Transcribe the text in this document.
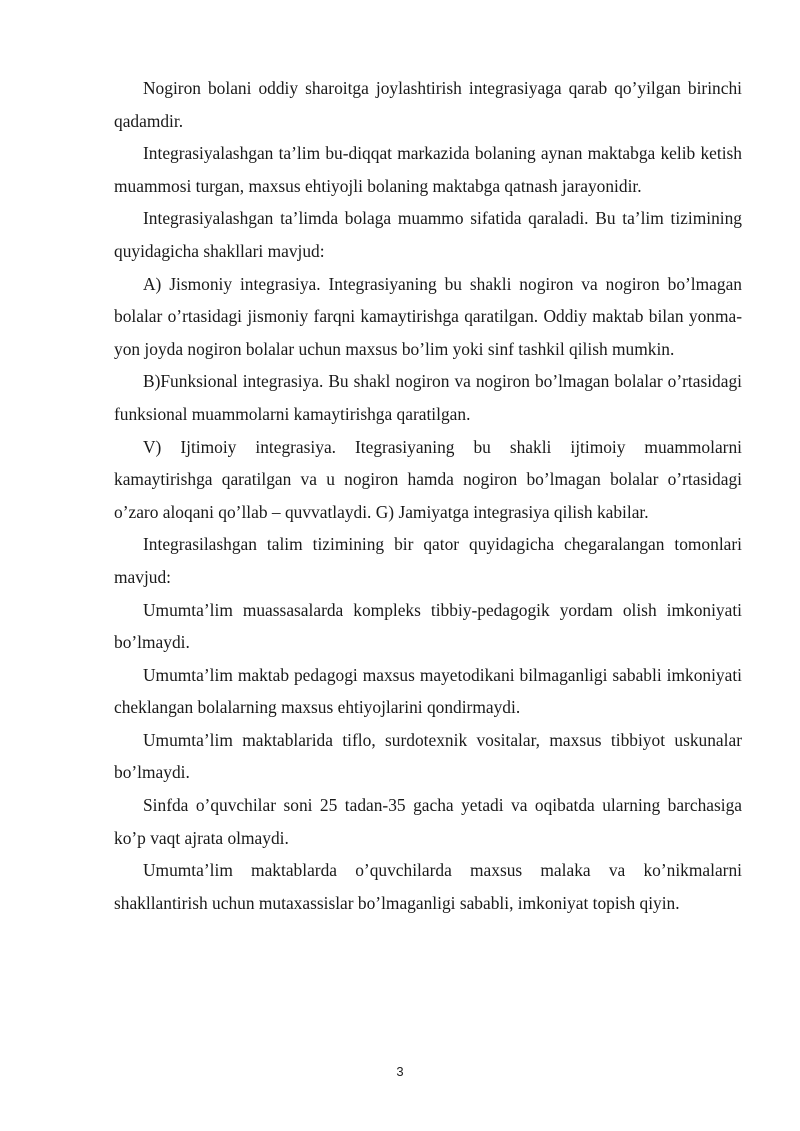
Nogiron bolani oddiy sharoitga joylashtirish integrasiyaga qarab qo’yilgan birinchi qadamdir.

Integrasiyalashgan ta’lim bu-diqqat markazida bolaning aynan maktabga kelib ketish muammosi turgan, maxsus ehtiyojli bolaning maktabga qatnash jarayonidir.

Integrasiyalashgan ta’limda bolaga muammo sifatida qaraladi. Bu ta’lim tizimining quyidagicha shakllari mavjud:

A) Jismoniy integrasiya. Integrasiyaning bu shakli nogiron va nogiron bo’lmagan bolalar o’rtasidagi jismoniy farqni kamaytirishga qaratilgan. Oddiy maktab bilan yonma-yon joyda nogiron bolalar uchun maxsus bo’lim yoki sinf tashkil qilish mumkin.

B)Funksional integrasiya. Bu shakl nogiron va nogiron bo’lmagan bolalar o’rtasidagi funksional muammolarni kamaytirishga qaratilgan.

V) Ijtimoiy integrasiya. Itegrasiyaning bu shakli ijtimoiy muammolarni kamaytirishga qaratilgan va u nogiron hamda nogiron bo’lmagan bolalar o’rtasidagi o’zaro aloqani qo’llab – quvvatlaydi. G) Jamiyatga integrasiya qilish kabilar.

Integrasilashgan talim tizimining bir qator quyidagicha chegaralangan tomonlari mavjud:

Umumta’lim muassasalarda kompleks tibbiy-pedagogik yordam olish imkoniyati bo’lmaydi.

Umumta’lim maktab pedagogi maxsus mayetodikani bilmaganligi sababli imkoniyati cheklangan bolalarning maxsus ehtiyojlarini qondirmaydi.

Umumta’lim maktablarida tiflo, surdotexnik vositalar, maxsus tibbiyot uskunalar bo’lmaydi.

Sinfda o’quvchilar soni 25 tadan-35 gacha yetadi va oqibatda ularning barchasiga ko’p vaqt ajrata olmaydi.

Umumta’lim maktablarda o’quvchilarda maxsus malaka va ko’nikmalarni shakllantirish uchun mutaxassislar bo’lmaganligi sababli, imkoniyat topish qiyin.

3
